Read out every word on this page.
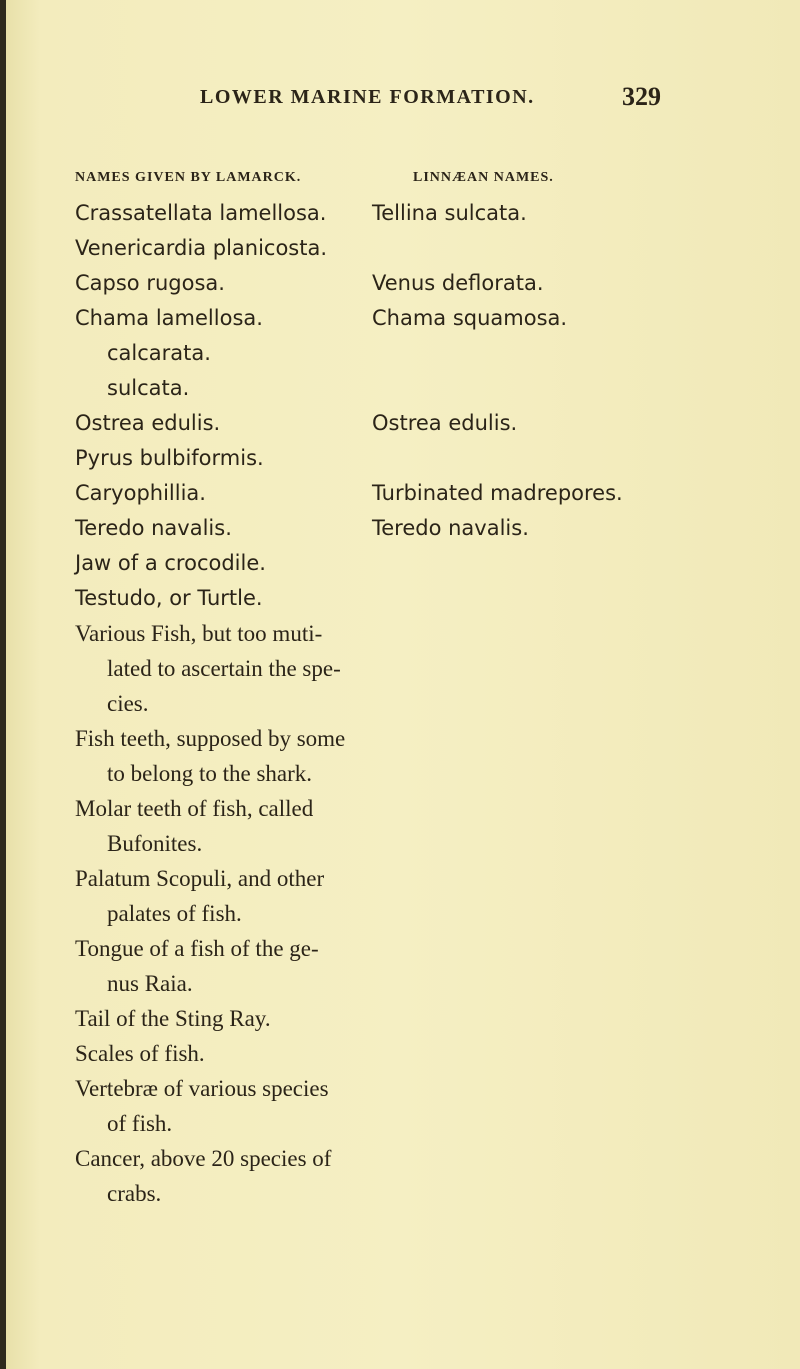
LOWER MARINE FORMATION.	329
NAMES GIVEN BY LAMARCK.	LINNÆAN NAMES.
Crassatellata lamellosa.
Venericardia planicosta.
Capso rugosa.
Chama lamellosa.
calcarata.
sulcata.
Ostrea edulis.
Pyrus bulbiformis.
Caryophillia.
Teredo navalis.
Jaw of a crocodile.
Testudo, or Turtle.
Various Fish, but too muti-
lated to ascertain the spe-
cies.
Fish teeth, supposed by some
to belong to the shark.
Molar teeth of fish, called
Bufonites.
Palatum Scopuli, and other
palates of fish.
Tongue of a fish of the ge-
nus Raia.
Tail of the Sting Ray.
Scales of fish.
Vertebræ of various species
of fish.
Cancer, above 20 species of
crabs.
Tellina sulcata.
Venus deflorata.
Chama squamosa.
Ostrea edulis.
Turbinated madrepores.
Teredo navalis.
